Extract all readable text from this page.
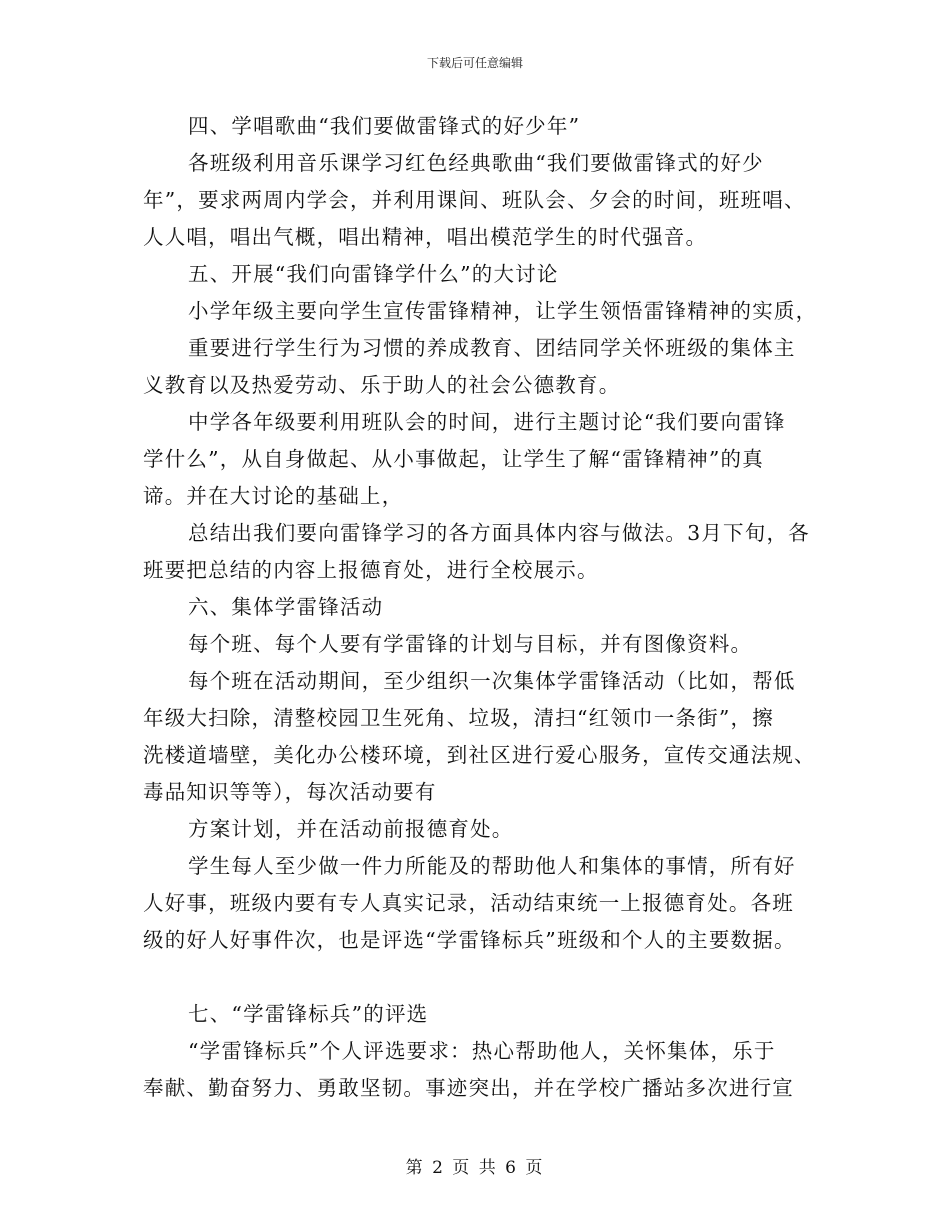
下载后可任意编辑

四、学唱歌曲“我们要做雷锋式的好少年”

各班级利用音乐课学习红色经典歌曲“我们要做雷锋式的好少

年”，要求两周内学会，并利用课间、班队会、夕会的时间，班班唱、

人人唱，唱出气概，唱出精神，唱出模范学生的时代强音。

五、开展“我们向雷锋学什么”的大讨论

小学年级主要向学生宣传雷锋精神，让学生领悟雷锋精神的实质，

重要进行学生行为习惯的养成教育、团结同学关怀班级的集体主

义教育以及热爱劳动、乐于助人的社会公德教育。

中学各年级要利用班队会的时间，进行主题讨论“我们要向雷锋

学什么”，从自身做起、从小事做起，让学生了解“雷锋精神”的真

谛。并在大讨论的基础上，

总结出我们要向雷锋学习的各方面具体内容与做法。3月下旬，各

班要把总结的内容上报德育处，进行全校展示。

六、集体学雷锋活动

每个班、每个人要有学雷锋的计划与目标，并有图像资料。

每个班在活动期间，至少组织一次集体学雷锋活动（比如，帮低

年级大扫除，清整校园卫生死角、垃圾，清扫“红领巾一条街”，擦

洗楼道墙壁，美化办公楼环境，到社区进行爱心服务，宣传交通法规、

毒品知识等等），每次活动要有

方案计划，并在活动前报德育处。

学生每人至少做一件力所能及的帮助他人和集体的事情，所有好

人好事，班级内要有专人真实记录，活动结束统一上报德育处。各班

级的好人好事件次，也是评选“学雷锋标兵”班级和个人的主要数据。

七、“学雷锋标兵”的评选

“学雷锋标兵”个人评选要求：热心帮助他人，关怀集体，乐于

奉献、勤奋努力、勇敢坚韧。事迹突出，并在学校广播站多次进行宣

第 2 页 共 6 页
